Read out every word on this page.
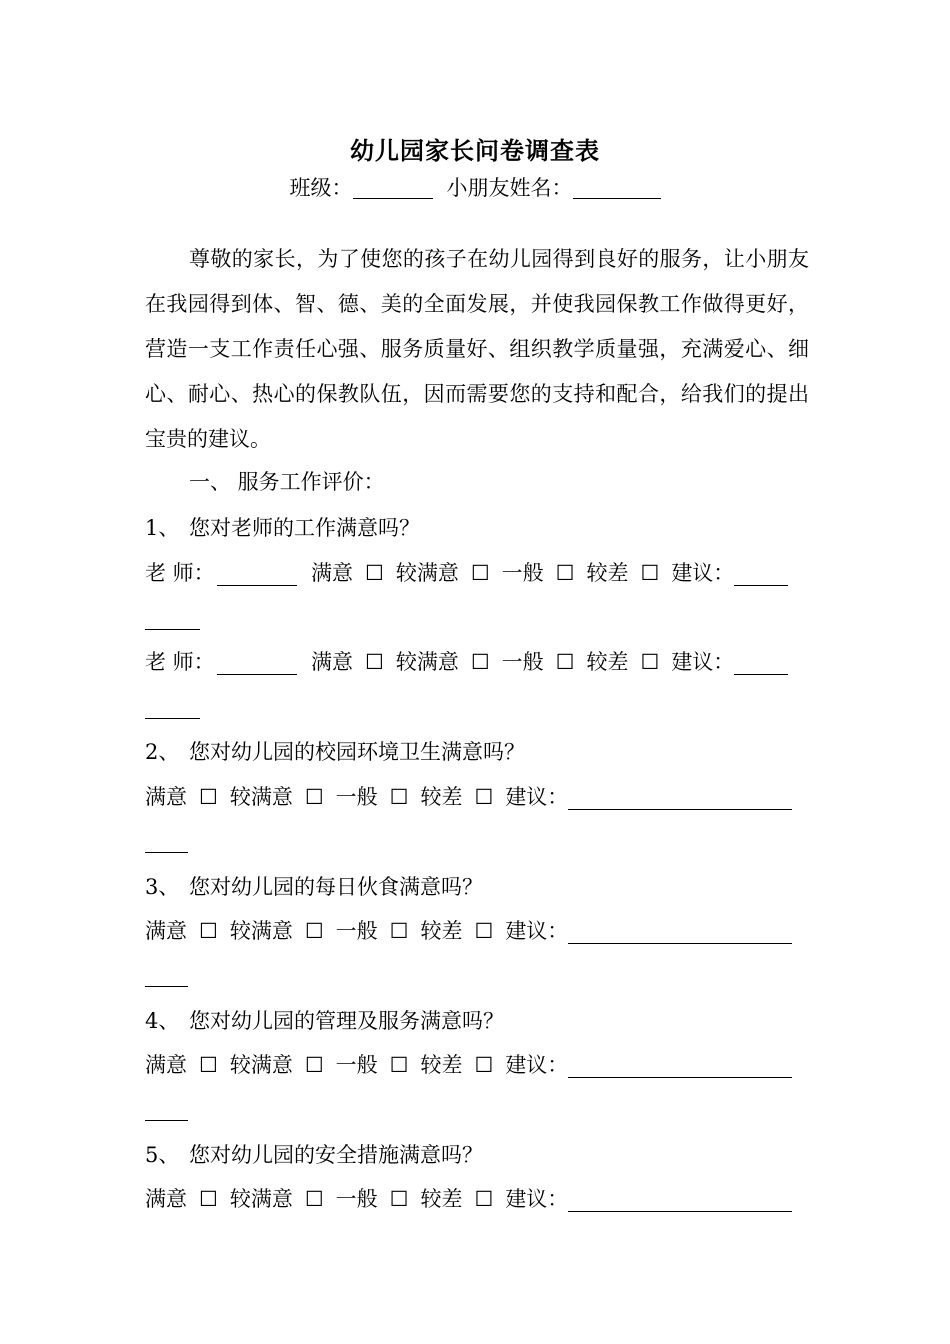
幼儿园家长问卷调查表
班级：	小朋友姓名：
尊敬的家长，为了使您的孩子在幼儿园得到良好的服务，让小朋友在我园得到体、智、德、美的全面发展，并使我园保教工作做得更好，营造一支工作责任心强、服务质量好、组织教学质量强，充满爱心、细心、耐心、热心的保教队伍，因而需要您的支持和配合，给我们的提出宝贵的建议。
一、 服务工作评价：
1、 您对老师的工作满意吗？
老 师：	满意 ☐ 较满意 ☐ 一般 ☐ 较差 ☐ 建议：
老 师：	满意 ☐ 较满意 ☐ 一般 ☐ 较差 ☐ 建议：
2、 您对幼儿园的校园环境卫生满意吗？
满意 ☐ 较满意 ☐ 一般 ☐ 较差 ☐ 建议：
3、 您对幼儿园的每日伙食满意吗？
满意 ☐ 较满意 ☐ 一般 ☐ 较差 ☐ 建议：
4、 您对幼儿园的管理及服务满意吗？
满意 ☐ 较满意 ☐ 一般 ☐ 较差 ☐ 建议：
5、 您对幼儿园的安全措施满意吗？
满意 ☐ 较满意 ☐ 一般 ☐ 较差 ☐ 建议：
